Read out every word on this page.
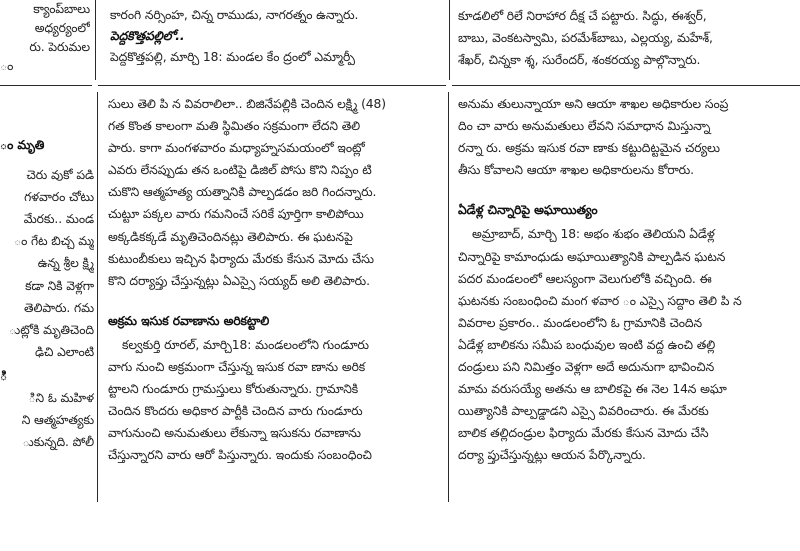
క్యాంప్‌బాలు

అధ్యర్యంలో

రు. పెరుమల

ం

కారంగి నర్సింహ, చిన్న రాముడు, నాగరత్నం ఉన్నారు.

పెద్దకొత్తపల్లిలో..

పెద్దకొత్తపల్లి, మార్చి 18: మండల కేం ద్రంలో ఎమ్మార్పీ

కూడలిలో రిలే నిరాహార దీక్ష చే పట్టారు. సిద్ధు, ఈశ్వర్,

బాబు, వెంకటస్వామి, పరమేశ్‌బాబు, ఎల్లయ్య, మహేశ్,

శేఖర్, చిన్నకా శ్శ, సురేందర్, శంకరయ్య పాల్గొన్నారు.

ం మృతి

చెరు వుకో పడి

గళవారం చోటు

మేరకు.. మండ

ం గేట బిచ్చ మ్మ

ఉన్న శ్రీల క్ష్మి

కడా నికి వెళ్లగా

తెలిపారు. గమ

ుట్లోకి మృతిచెంది

ఢిచి ఎలాంటి

ి

ిని ఓ మహిళ

ని ఆత్మహత్యకు

ుకున్నది. పోలీ

సులు తెలి పి న వివరాలిలా.. బిజినేపల్లికి చెందిన లక్ష్మి (48)

గత కొంత కాలంగా మతి స్థిమితం సక్రమంగా లేదని తెలి

పారు. కాగా మంగళవారం మధ్యాహ్నసమయంలో ఇంట్లో

ఎవరు లేనప్పుడు తన ఒంటిపై డిజిల్ పోసు కొని నిప్పం టి

చుకొని ఆత్మహత్య యత్నానికి పాల్పడడం జరి గిందన్నారు.

చుట్టూ పక్కల వారు గమనించే సరికే పూర్తిగా కాలిపోయి

అక్కడికక్కడే మృతిచెందినట్లు తెలిపారు. ఈ ఘటనపై

కుటుంబీకులు ఇచ్చిన ఫిర్యాదు మేరకు కేసున మోదు చేసు

కొని దర్యాప్తు చేస్తున్నట్లు ఏఎస్సై సయ్యద్ అలి తెలిపారు.

అక్రమ ఇసుక రవాణాను అరికట్టాలి

కల్వకుర్తి రూరల్, మార్చి18: మండలంలోని గుండూరు

వాగు నుంచి అక్రమంగా చేస్తున్న ఇసుక రవా ణాను అరిక

ట్టాలని గుండూరు గ్రామస్తులు కోరుతున్నారు. గ్రామానికి

చెందిన కొందరు అధికార పార్టీకి చెందిన వారు గుండూరు

వాగునుంచి అనుమతులు లేకున్నా ఇసుకను రవాణాను

చేస్తున్నారని వారు ఆరో పిస్తున్నారు. ఇందుకు సంబంధించి

అనుమ తులున్నాయా అని ఆయా శాఖల అధికారుల సంప్ర

దిం చా వారు అనుమతులు లేవని సమాధాన మిస్తున్నా

రన్నా రు. అక్రమ ఇసుక రవా ణాకు కట్టుదిట్టమైన చర్యలు

తీసు కోవాలని ఆయా శాఖల అధికారులను కోరారు.

ఏడేళ్ల చిన్నారిపై అఘాయిత్యం

అమ్రాబాద్, మార్చి 18: అభం శుభం తెలియని ఏడేళ్ల

చిన్నారిపై కామాంధుడు అఘాయిత్యానికి పాల్పడిన ఘటన

పదర మండలంలో ఆలస్యంగా వెలుగులోకి వచ్చింది. ఈ

ఘటనకు సంబంధించి మంగ ళవార ం ఎస్సై సద్దాం తెలి పి న

వివరాల ప్రకారం.. మండలంలోని ఓ గ్రామానికి చెందిన

ఏడేళ్ల బాలికను సమీప బంధువుల ఇంటి వద్ద ఉంచి తల్లి

దండ్రులు పని నిమిత్తం వెళ్లగా అదే అదునుగా భావించిన

మామ వరుసయ్యే అతను ఆ బాలికపై ఈ నెల 14న అఘా

యిత్యానికి పాల్పడ్డాడని ఎస్సై వివరించారు. ఈ మేరకు

బాలిక తల్లిదండ్రుల ఫిర్యాదు మేరకు కేసున మోదు చేసి

దర్యా ప్తుచేస్తున్నట్లు ఆయన పేర్కొన్నారు.
